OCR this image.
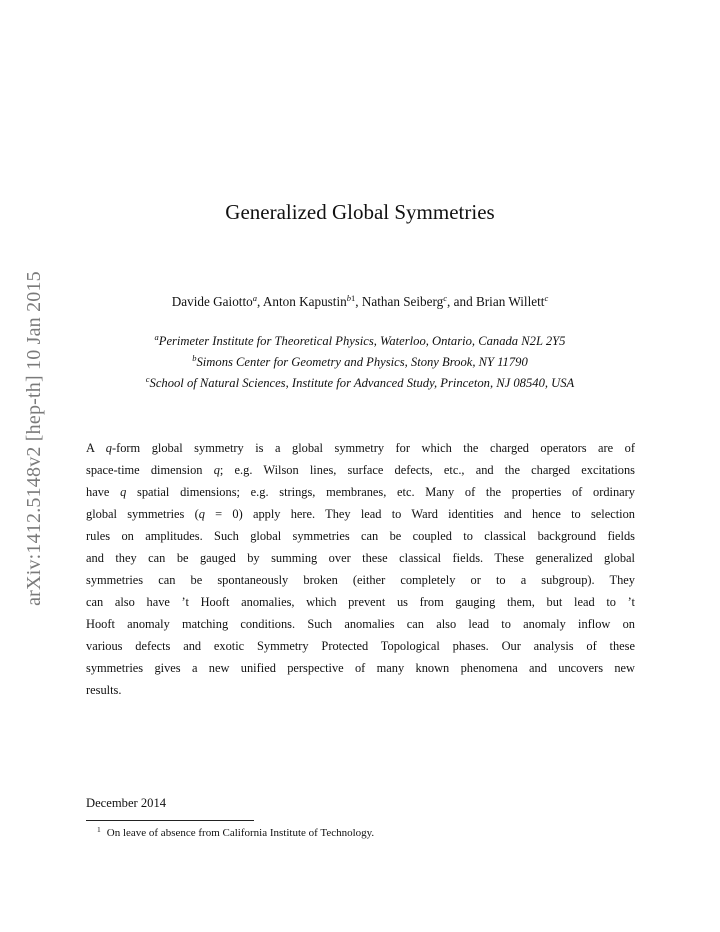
arXiv:1412.5148v2 [hep-th] 10 Jan 2015
Generalized Global Symmetries
Davide Gaiotto$^a$, Anton Kapustin$^{b1}$, Nathan Seiberg$^c$, and Brian Willett$^c$
$^a$Perimeter Institute for Theoretical Physics, Waterloo, Ontario, Canada N2L 2Y5
$^b$Simons Center for Geometry and Physics, Stony Brook, NY 11790
$^c$School of Natural Sciences, Institute for Advanced Study, Princeton, NJ 08540, USA
A q-form global symmetry is a global symmetry for which the charged operators are of
space-time dimension q; e.g. Wilson lines, surface defects, etc., and the charged excitations
have q spatial dimensions; e.g. strings, membranes, etc. Many of the properties of ordinary
global symmetries (q = 0) apply here. They lead to Ward identities and hence to selection
rules on amplitudes. Such global symmetries can be coupled to classical background fields
and they can be gauged by summing over these classical fields. These generalized global
symmetries can be spontaneously broken (either completely or to a subgroup). They
can also have ’t Hooft anomalies, which prevent us from gauging them, but lead to ’t
Hooft anomaly matching conditions. Such anomalies can also lead to anomaly inflow on
various defects and exotic Symmetry Protected Topological phases. Our analysis of these
symmetries gives a new unified perspective of many known phenomena and uncovers new
results.
December 2014
$^1$ On leave of absence from California Institute of Technology.
